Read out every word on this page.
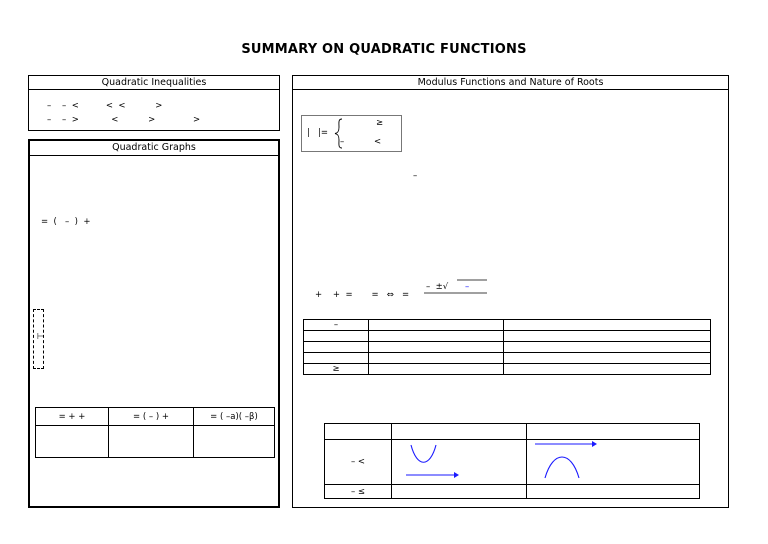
SUMMARY ON QUADRATIC FUNCTIONS
Quadratic Inequalities
–    –  <          <  <           >
–    –  >            <           >              >
Quadratic Graphs
=  (   –  )  +
⊢
= + +	= ( – ) +	= ( –a)( –β)

Modulus Functions and Nature of Roots
|   |=
≥
–           <
–
+    +  =       =   ⇔   =
–  ±√ –
–		

≥		

– <	

– ≤		
